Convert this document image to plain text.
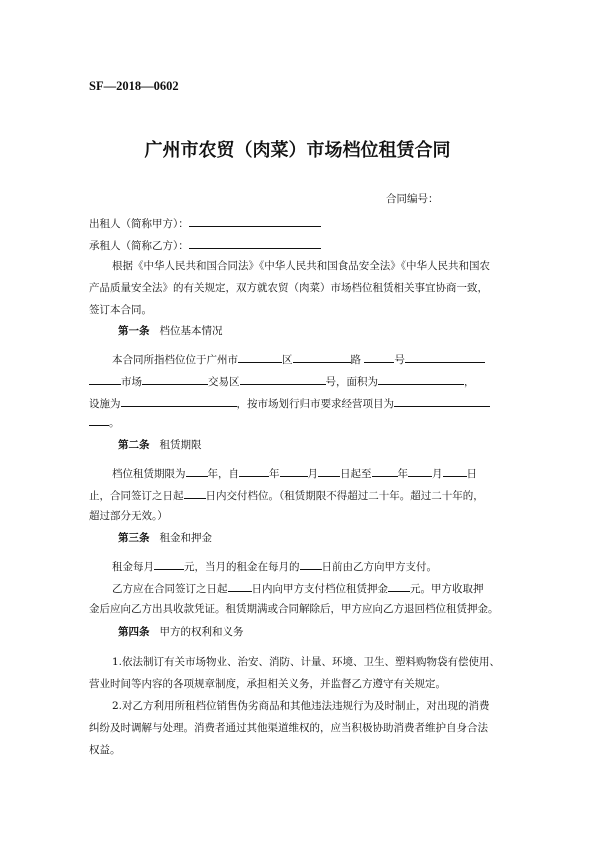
SF—2018—0602
广州市农贸（肉菜）市场档位租赁合同
合同编号：
出租人（简称甲方）：
承租人（简称乙方）：
根据《中华人民共和国合同法》《中华人民共和国食品安全法》《中华人民共和国农
产品质量安全法》的有关规定，双方就农贸（肉菜）市场档位租赁相关事宜协商一致，
签订本合同。
第一条 档位基本情况
本合同所指档位位于广州市	区	路	号
市场	交易区	号，面积为	，
设施为	，按市场划行归市要求经营项目为
。
第二条 租赁期限
档位租赁期限为 年，自	年	月 日起至 年 月 日
止，合同签订之日起 日内交付档位。（租赁期限不得超过二十年。超过二十年的，
超过部分无效。）
第三条 租金和押金
租金每月	元，当月的租金在每月的 日前由乙方向甲方支付。
乙方应在合同签订之日起 日内向甲方支付档位租赁押金 元。甲方收取押
金后应向乙方出具收款凭证。租赁期满或合同解除后，甲方应向乙方退回档位租赁押金。
第四条 甲方的权利和义务
1.依法制订有关市场物业、治安、消防、计量、环境、卫生、塑料购物袋有偿使用、
营业时间等内容的各项规章制度，承担相关义务，并监督乙方遵守有关规定。
2.对乙方利用所租档位销售伪劣商品和其他违法违规行为及时制止，对出现的消费
纠纷及时调解与处理。消费者通过其他渠道维权的，应当积极协助消费者维护自身合法
权益。
